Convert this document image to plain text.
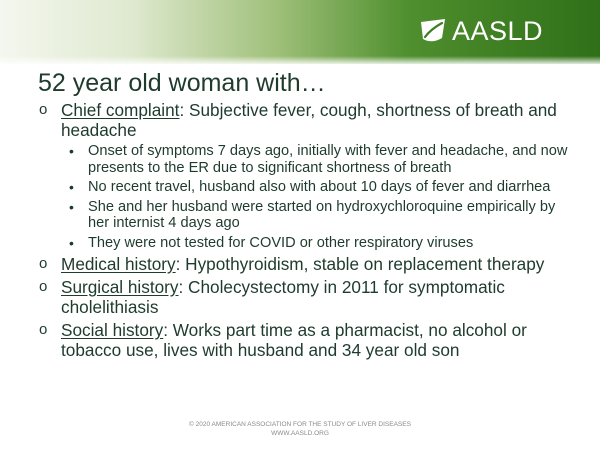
AASLD
52 year old woman with…
o Chief complaint: Subjective fever, cough, shortness of breath and headache
• Onset of symptoms 7 days ago, initially with fever and headache, and now presents to the ER due to significant shortness of breath
• No recent travel, husband also with about 10 days of fever and diarrhea
• She and her husband were started on hydroxychloroquine empirically by her internist 4 days ago
• They were not tested for COVID or other respiratory viruses
o Medical history: Hypothyroidism, stable on replacement therapy
o Surgical history: Cholecystectomy in 2011 for symptomatic cholelithiasis
o Social history: Works part time as a pharmacist, no alcohol or tobacco use, lives with husband and 34 year old son
© 2020 AMERICAN ASSOCIATION FOR THE STUDY OF LIVER DISEASES
WWW.AASLD.ORG
